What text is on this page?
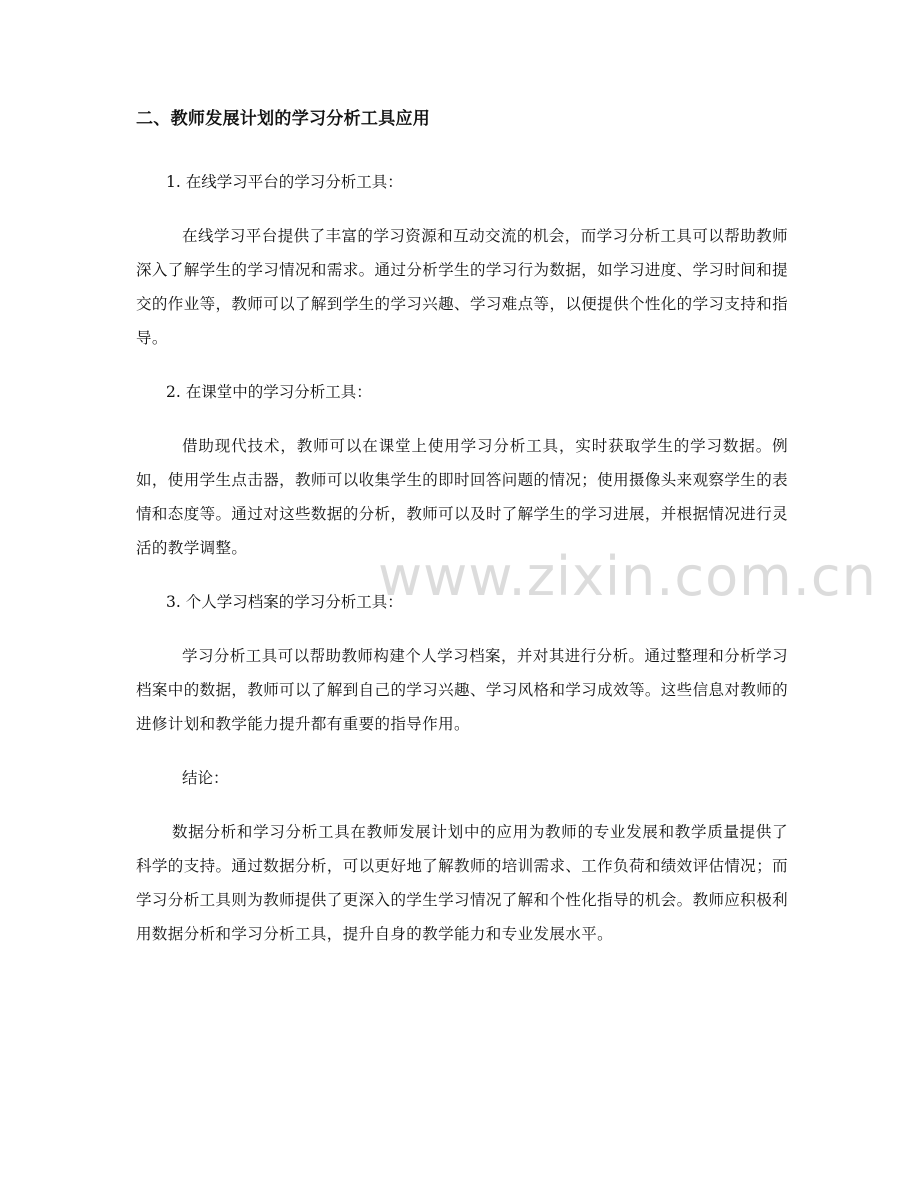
www.zixin.com.cn
二、教师发展计划的学习分析工具应用

1. 在线学习平台的学习分析工具：

在线学习平台提供了丰富的学习资源和互动交流的机会，而学习分析工具可以帮助教师深入了解学生的学习情况和需求。通过分析学生的学习行为数据，如学习进度、学习时间和提交的作业等，教师可以了解到学生的学习兴趣、学习难点等，以便提供个性化的学习支持和指导。

2. 在课堂中的学习分析工具：

借助现代技术，教师可以在课堂上使用学习分析工具，实时获取学生的学习数据。例如，使用学生点击器，教师可以收集学生的即时回答问题的情况；使用摄像头来观察学生的表情和态度等。通过对这些数据的分析，教师可以及时了解学生的学习进展，并根据情况进行灵活的教学调整。

3. 个人学习档案的学习分析工具：

学习分析工具可以帮助教师构建个人学习档案，并对其进行分析。通过整理和分析学习档案中的数据，教师可以了解到自己的学习兴趣、学习风格和学习成效等。这些信息对教师的进修计划和教学能力提升都有重要的指导作用。

结论：

数据分析和学习分析工具在教师发展计划中的应用为教师的专业发展和教学质量提供了科学的支持。通过数据分析，可以更好地了解教师的培训需求、工作负荷和绩效评估情况；而学习分析工具则为教师提供了更深入的学生学习情况了解和个性化指导的机会。教师应积极利用数据分析和学习分析工具，提升自身的教学能力和专业发展水平。
